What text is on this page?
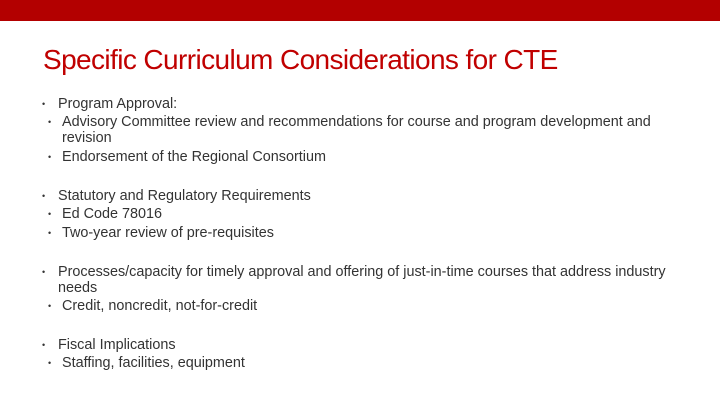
Specific Curriculum Considerations for CTE
• Program Approval:
• Advisory Committee review and recommendations for course and program development and revision
• Endorsement of the Regional Consortium
• Statutory and Regulatory Requirements
• Ed Code 78016
• Two-year review of pre-requisites
• Processes/capacity for timely approval and offering of just-in-time courses that address industry needs
• Credit, noncredit, not-for-credit
• Fiscal Implications
• Staffing, facilities, equipment
